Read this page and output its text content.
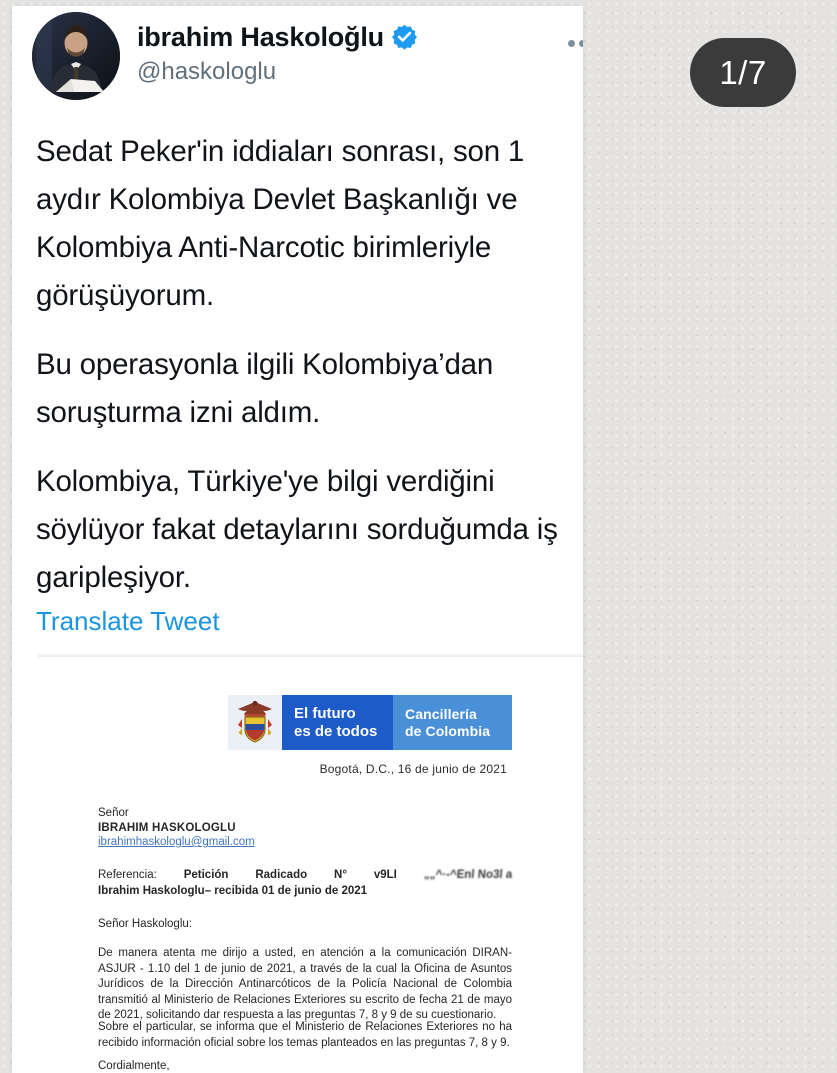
ibrahim Haskoloğlu
@haskologlu

Sedat Peker'in iddiaları sonrası, son 1 aydır Kolombiya Devlet Başkanlığı ve Kolombiya Anti-Narcotic birimleriyle görüşüyorum.

Bu operasyonla ilgili Kolombiya’dan soruşturma izni aldım.

Kolombiya, Türkiye'ye bilgi verdiğini söylüyor fakat detaylarını sorduğumda iş garipleşiyor.

Translate Tweet
El futuro
es de todos
Cancillería
de Colombia
Bogotá, D.C., 16 de junio de 2021
Señor
IBRAHIM HASKOLOGLU
ibrahimhaskologlu@gmail.com
Referencia: Petición Radicado N° v9LI „„^·-^Enl No3l a
Ibrahim Haskologlu– recibida 01 de junio de 2021
Señor Haskologlu:
De manera atenta me dirijo a usted, en atención a la comunicación DIRAN-ASJUR - 1.10 del 1 de junio de 2021, a través de la cual la Oficina de Asuntos Jurídicos de la Dirección Antinarcóticos de la Policía Nacional de Colombia transmitió al Ministerio de Relaciones Exteriores su escrito de fecha 21 de mayo de 2021, solicitando dar respuesta a las preguntas 7, 8 y 9 de su cuestionario.
Sobre el particular, se informa que el Ministerio de Relaciones Exteriores no ha recibido información oficial sobre los temas planteados en las preguntas 7, 8 y 9.
Cordialmente,
1/7
